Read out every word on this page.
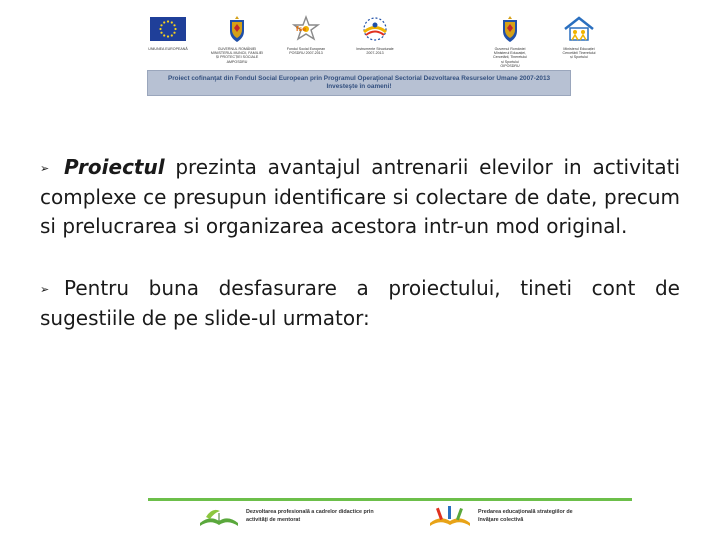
UNIUNEA EUROPEANĂ	GUVERNUL ROMÂNIEI
MINISTERUL MUNCII, FAMILIEI
ȘI PROTECȚIEI SOCIALE
AMPOSDRU
fse
Fondul Social European
POSDRU 2007-2013
Instrumente Structurale
2007-2013
Guvernul României
Ministerul Educației,
Cercetării, Tineretului
și Sportului
OIPOSDRU
Ministerul Educației
Cercetării Tineretului
și Sportului
Proiect cofinanţat din Fondul Social European prin Programul Operaţional Sectorial Dezvoltarea Resurselor Umane 2007-2013
Investeşte în oameni!

➢ Proiectul prezinta avantajul antrenarii elevilor in activitati complexe ce presupun identificare si colectare de date, precum si prelucrarea si organizarea acestora intr-un mod original.

➢ Pentru buna desfasurare a proiectului, tineti cont de sugestiile de pe slide-ul urmator:

Dezvoltarea profesională a cadrelor didactice prin activităţi de mentorat
Predarea educaţională strategiilor de învăţare colectivă
